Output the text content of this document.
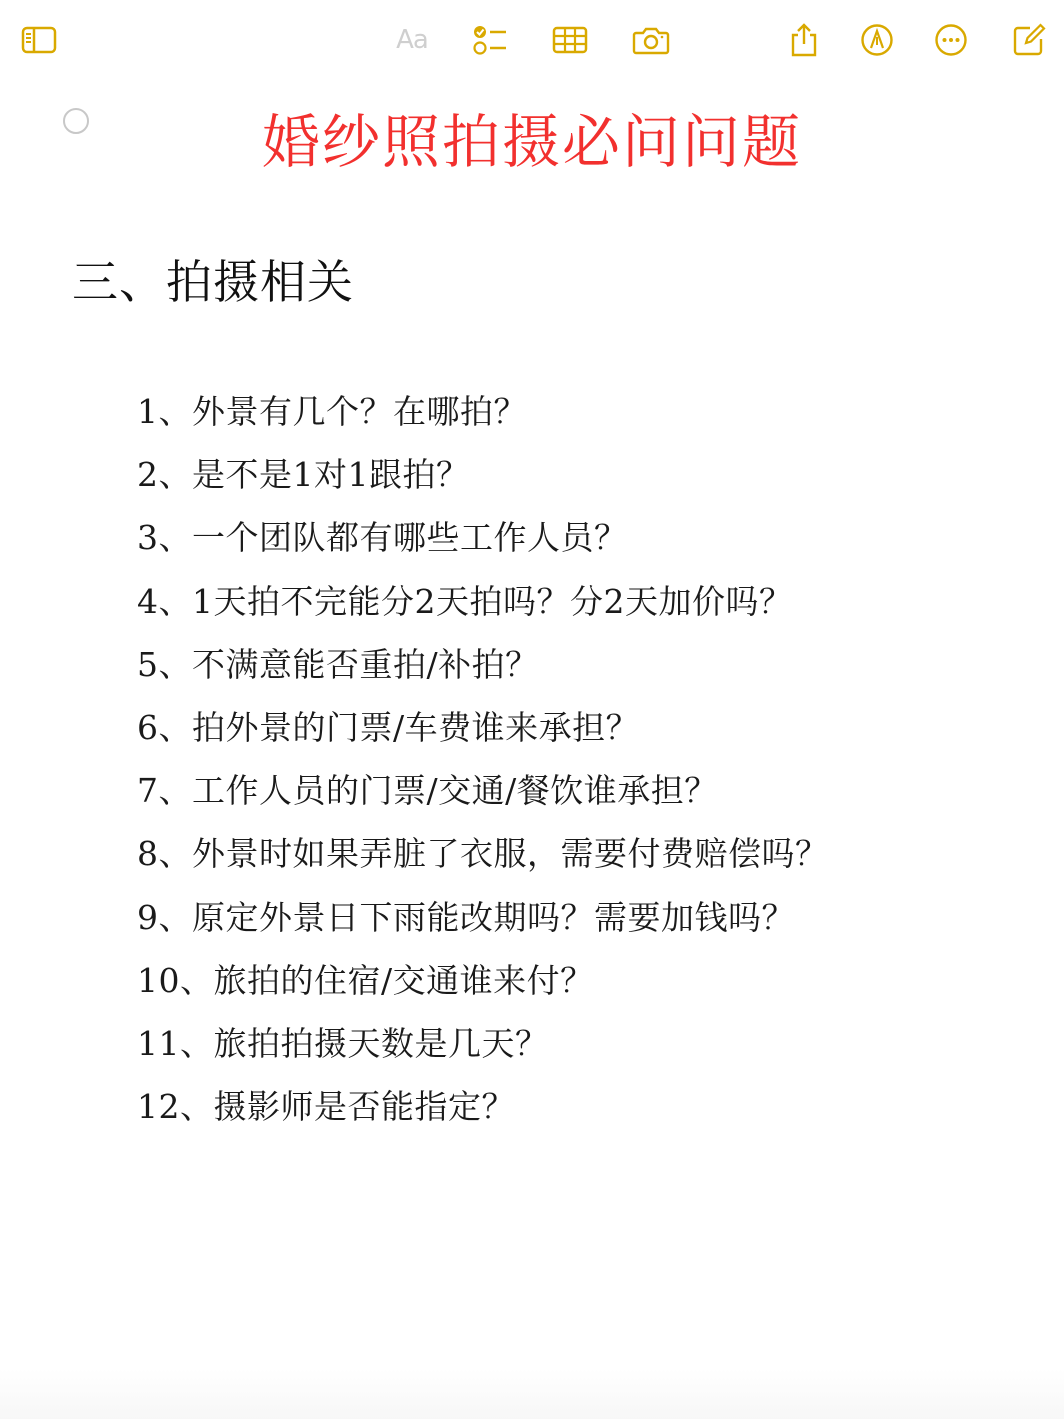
Aa
婚纱照拍摄必问问题
三、拍摄相关
1、外景有几个？在哪拍？
2、是不是1对1跟拍？
3、一个团队都有哪些工作人员？
4、1天拍不完能分2天拍吗？分2天加价吗？
5、不满意能否重拍/补拍？
6、拍外景的门票/车费谁来承担？
7、工作人员的门票/交通/餐饮谁承担？
8、外景时如果弄脏了衣服，需要付费赔偿吗？
9、原定外景日下雨能改期吗？需要加钱吗？
10、旅拍的住宿/交通谁来付？
11、旅拍拍摄天数是几天？
12、摄影师是否能指定？
